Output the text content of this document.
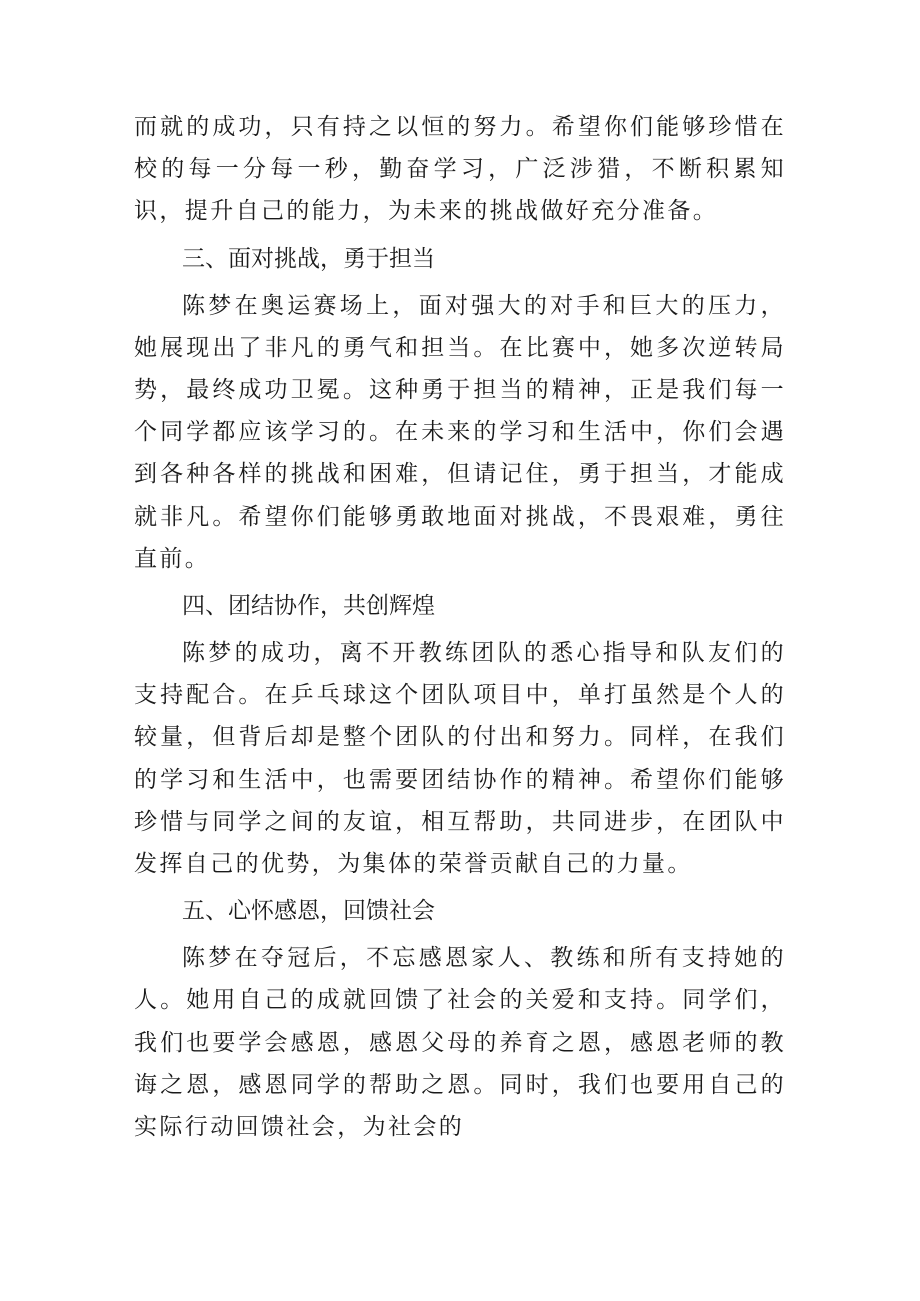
而就的成功，只有持之以恒的努力。希望你们能够珍惜在校的每一分每一秒，勤奋学习，广泛涉猎，不断积累知识，提升自己的能力，为未来的挑战做好充分准备。

三、面对挑战，勇于担当

陈梦在奥运赛场上，面对强大的对手和巨大的压力，她展现出了非凡的勇气和担当。在比赛中，她多次逆转局势，最终成功卫冕。这种勇于担当的精神，正是我们每一个同学都应该学习的。在未来的学习和生活中，你们会遇到各种各样的挑战和困难，但请记住，勇于担当，才能成就非凡。希望你们能够勇敢地面对挑战，不畏艰难，勇往直前。

四、团结协作，共创辉煌

陈梦的成功，离不开教练团队的悉心指导和队友们的支持配合。在乒乓球这个团队项目中，单打虽然是个人的较量，但背后却是整个团队的付出和努力。同样，在我们的学习和生活中，也需要团结协作的精神。希望你们能够珍惜与同学之间的友谊，相互帮助，共同进步，在团队中发挥自己的优势，为集体的荣誉贡献自己的力量。

五、心怀感恩，回馈社会

陈梦在夺冠后，不忘感恩家人、教练和所有支持她的人。她用自己的成就回馈了社会的关爱和支持。同学们，我们也要学会感恩，感恩父母的养育之恩，感恩老师的教诲之恩，感恩同学的帮助之恩。同时，我们也要用自己的实际行动回馈社会，为社会的
